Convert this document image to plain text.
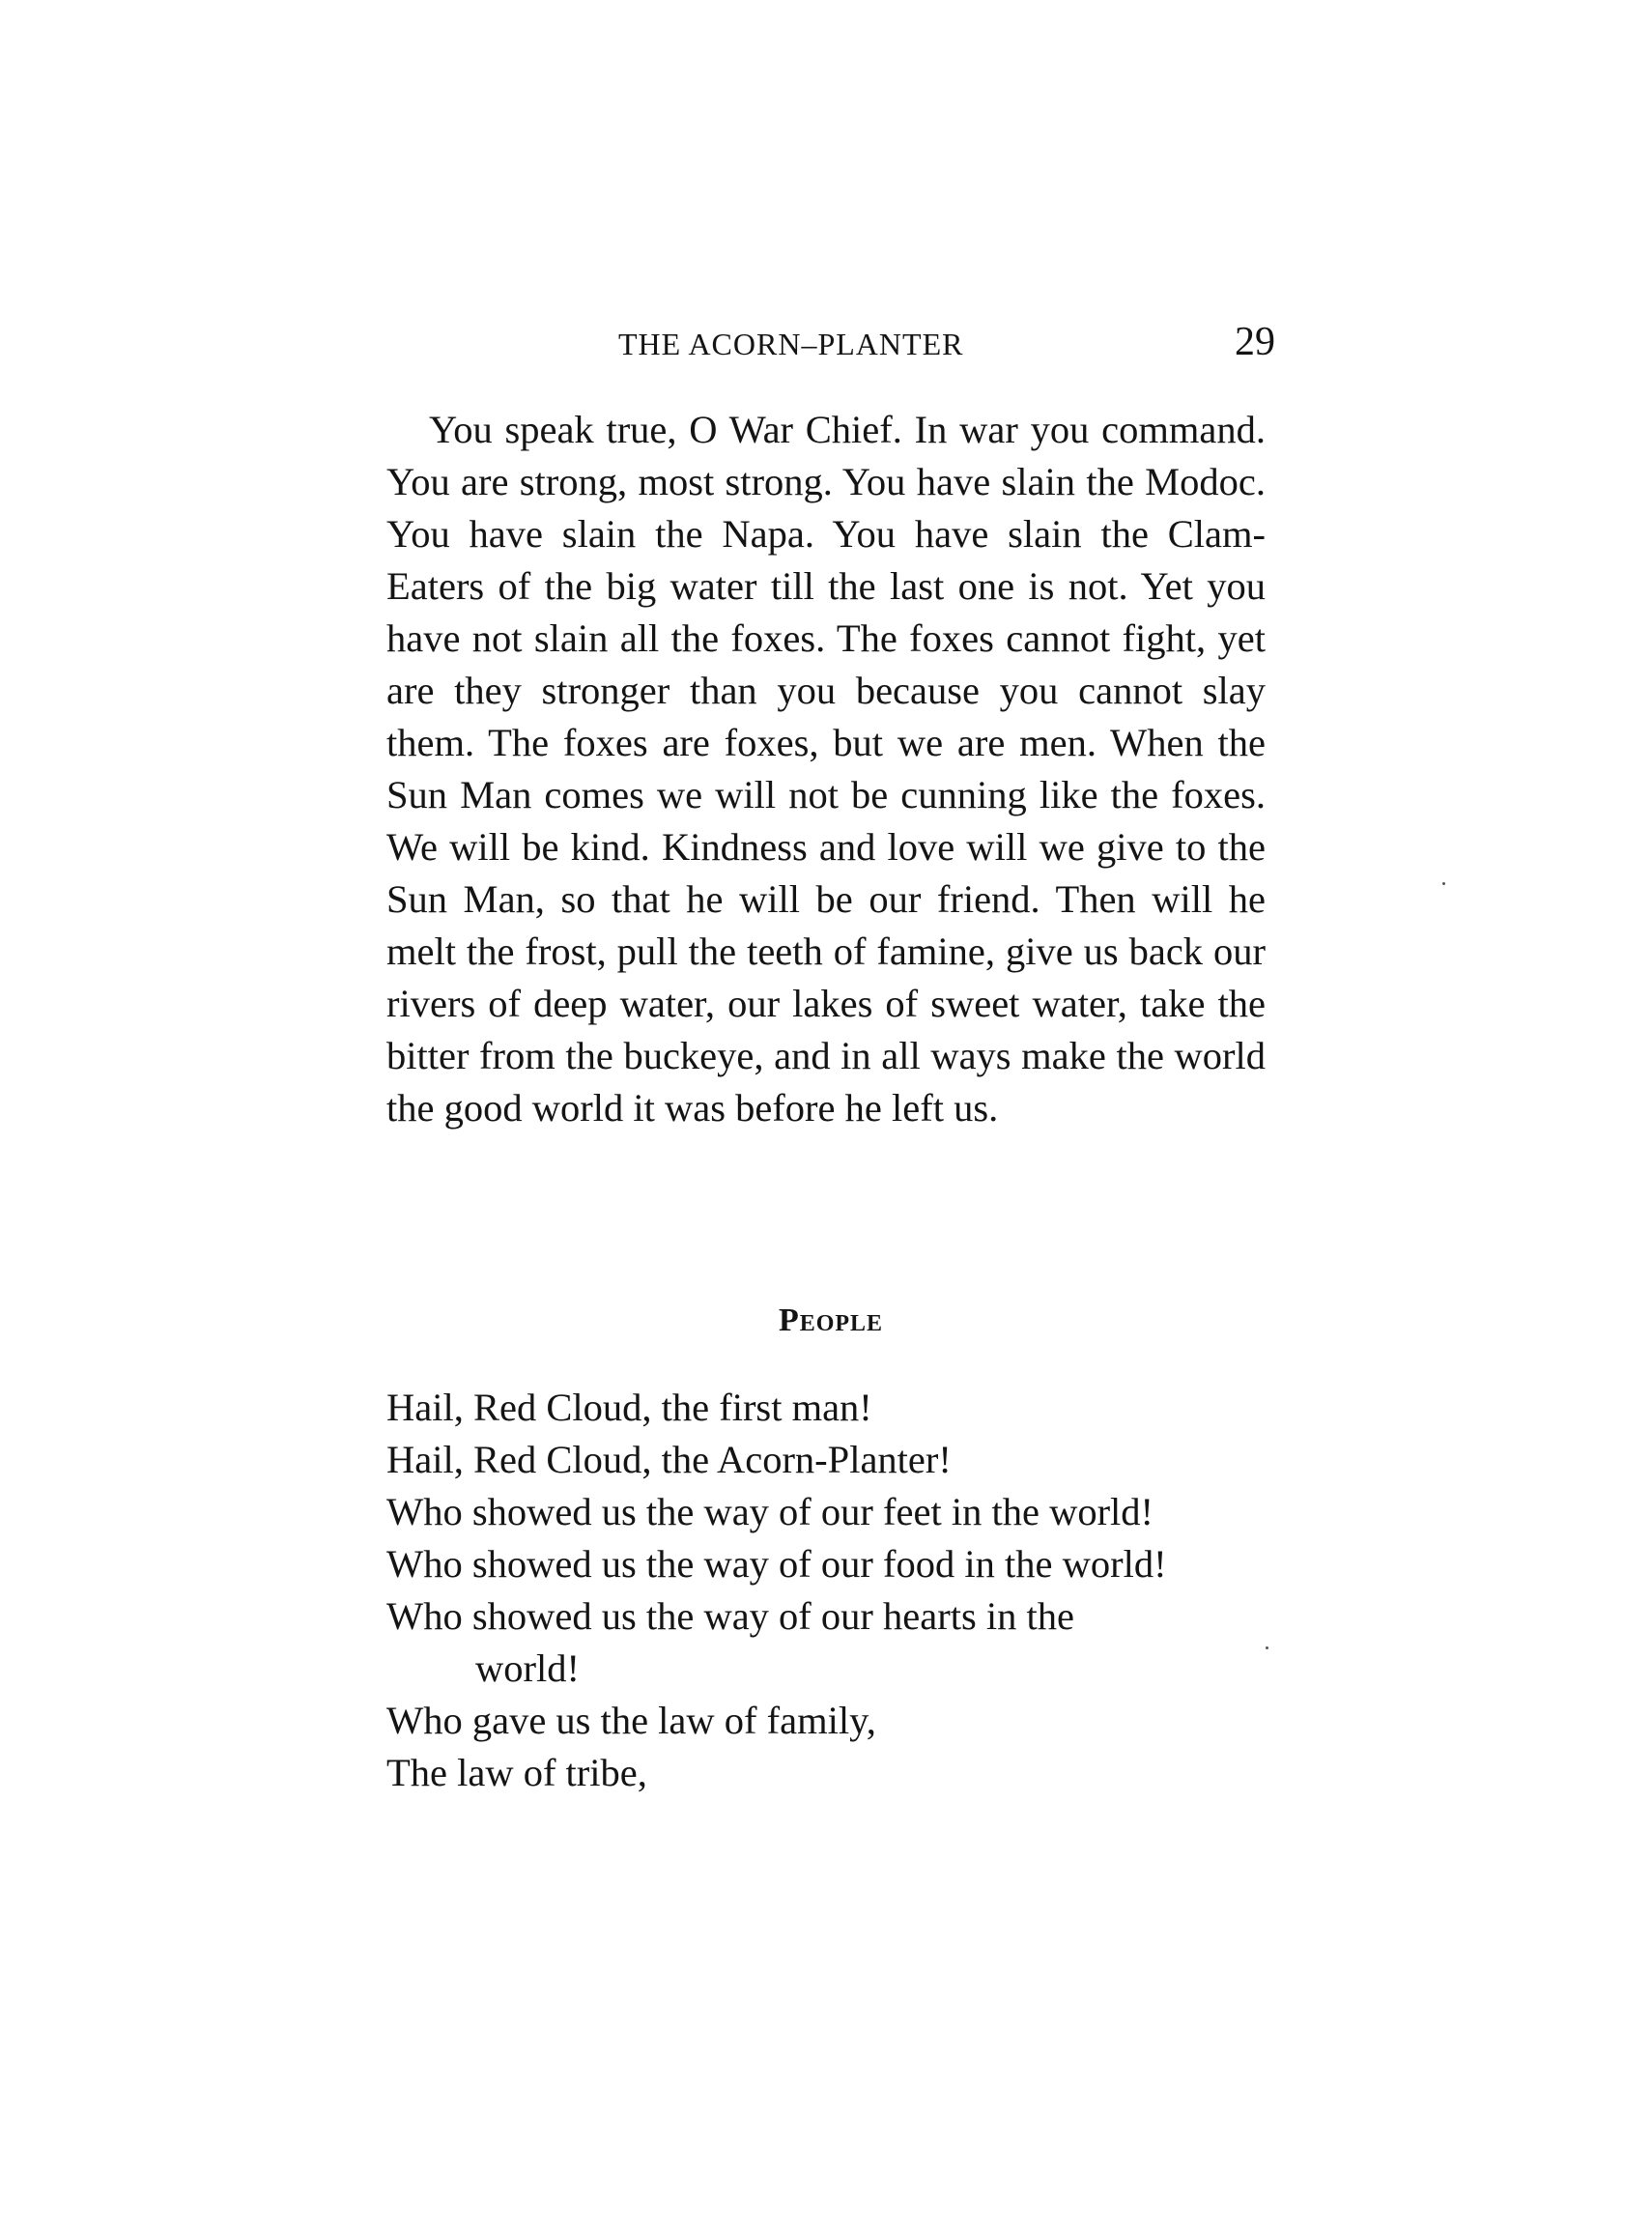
THE ACORN–PLANTER	29

You speak true, O War Chief. In war you command. You are strong, most strong. You have slain the Modoc. You have slain the Napa. You have slain the Clam-Eaters of the big water till the last one is not. Yet you have not slain all the foxes. The foxes cannot fight, yet are they stronger than you because you cannot slay them. The foxes are foxes, but we are men. When the Sun Man comes we will not be cunning like the foxes. We will be kind. Kindness and love will we give to the Sun Man, so that he will be our friend. Then will he melt the frost, pull the teeth of famine, give us back our rivers of deep water, our lakes of sweet water, take the bitter from the buckeye, and in all ways make the world the good world it was before he left us.

People
Hail, Red Cloud, the first man!
Hail, Red Cloud, the Acorn-Planter!
Who showed us the way of our feet in the world!
Who showed us the way of our food in the world!
Who showed us the way of our hearts in the
world!
Who gave us the law of family,
The law of tribe,
